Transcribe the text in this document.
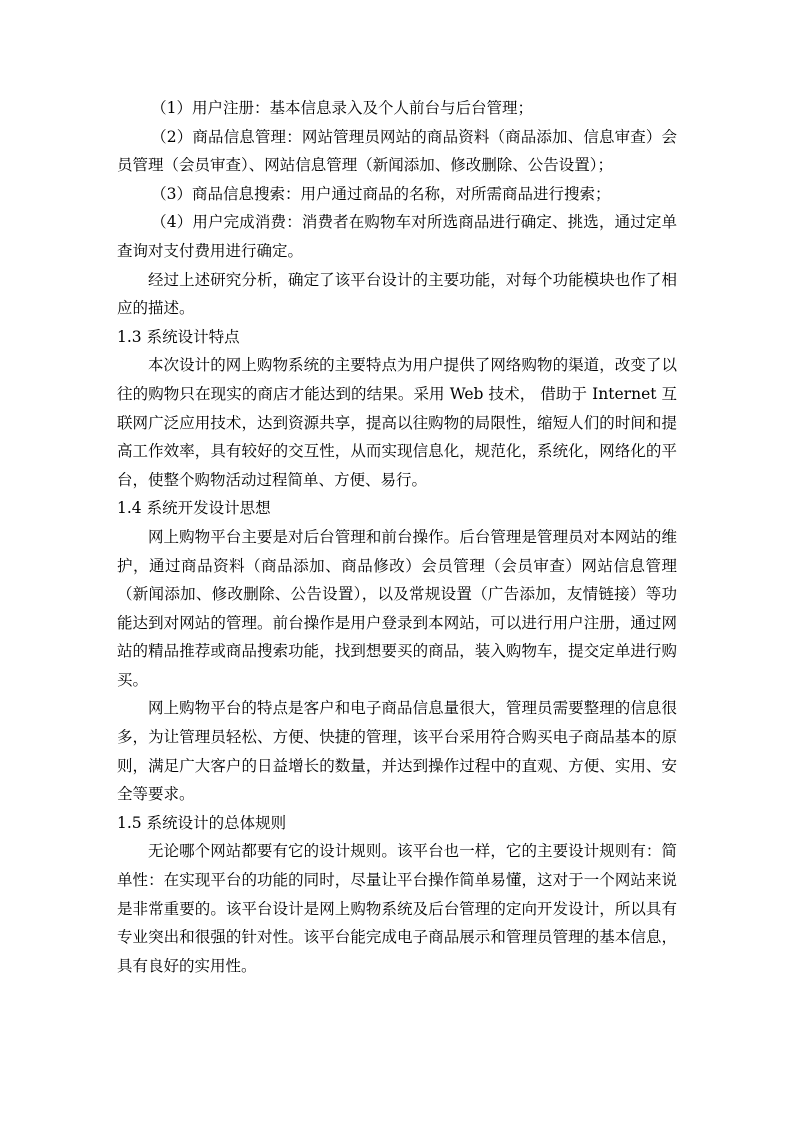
（1）用户注册：基本信息录入及个人前台与后台管理；

（2）商品信息管理：网站管理员网站的商品资料（商品添加、信息审查）会员管理（会员审查）、网站信息管理（新闻添加、修改删除、公告设置）；

（3）商品信息搜索：用户通过商品的名称，对所需商品进行搜索；

（4）用户完成消费：消费者在购物车对所选商品进行确定、挑选，通过定单查询对支付费用进行确定。

经过上述研究分析，确定了该平台设计的主要功能，对每个功能模块也作了相应的描述。

1.3 系统设计特点

本次设计的网上购物系统的主要特点为用户提供了网络购物的渠道，改变了以往的购物只在现实的商店才能达到的结果。采用 Web 技术， 借助于 Internet 互联网广泛应用技术，达到资源共享，提高以往购物的局限性，缩短人们的时间和提高工作效率，具有较好的交互性，从而实现信息化，规范化，系统化，网络化的平台，使整个购物活动过程简单、方便、易行。

1.4 系统开发设计思想

网上购物平台主要是对后台管理和前台操作。后台管理是管理员对本网站的维护，通过商品资料（商品添加、商品修改）会员管理（会员审查）网站信息管理（新闻添加、修改删除、公告设置），以及常规设置（广告添加，友情链接）等功能达到对网站的管理。前台操作是用户登录到本网站，可以进行用户注册，通过网站的精品推荐或商品搜索功能，找到想要买的商品，装入购物车，提交定单进行购买。

网上购物平台的特点是客户和电子商品信息量很大，管理员需要整理的信息很多，为让管理员轻松、方便、快捷的管理，该平台采用符合购买电子商品基本的原则，满足广大客户的日益增长的数量，并达到操作过程中的直观、方便、实用、安全等要求。

1.5 系统设计的总体规则

无论哪个网站都要有它的设计规则。该平台也一样，它的主要设计规则有：简单性：在实现平台的功能的同时，尽量让平台操作简单易懂，这对于一个网站来说是非常重要的。该平台设计是网上购物系统及后台管理的定向开发设计，所以具有专业突出和很强的针对性。该平台能完成电子商品展示和管理员管理的基本信息，具有良好的实用性。
